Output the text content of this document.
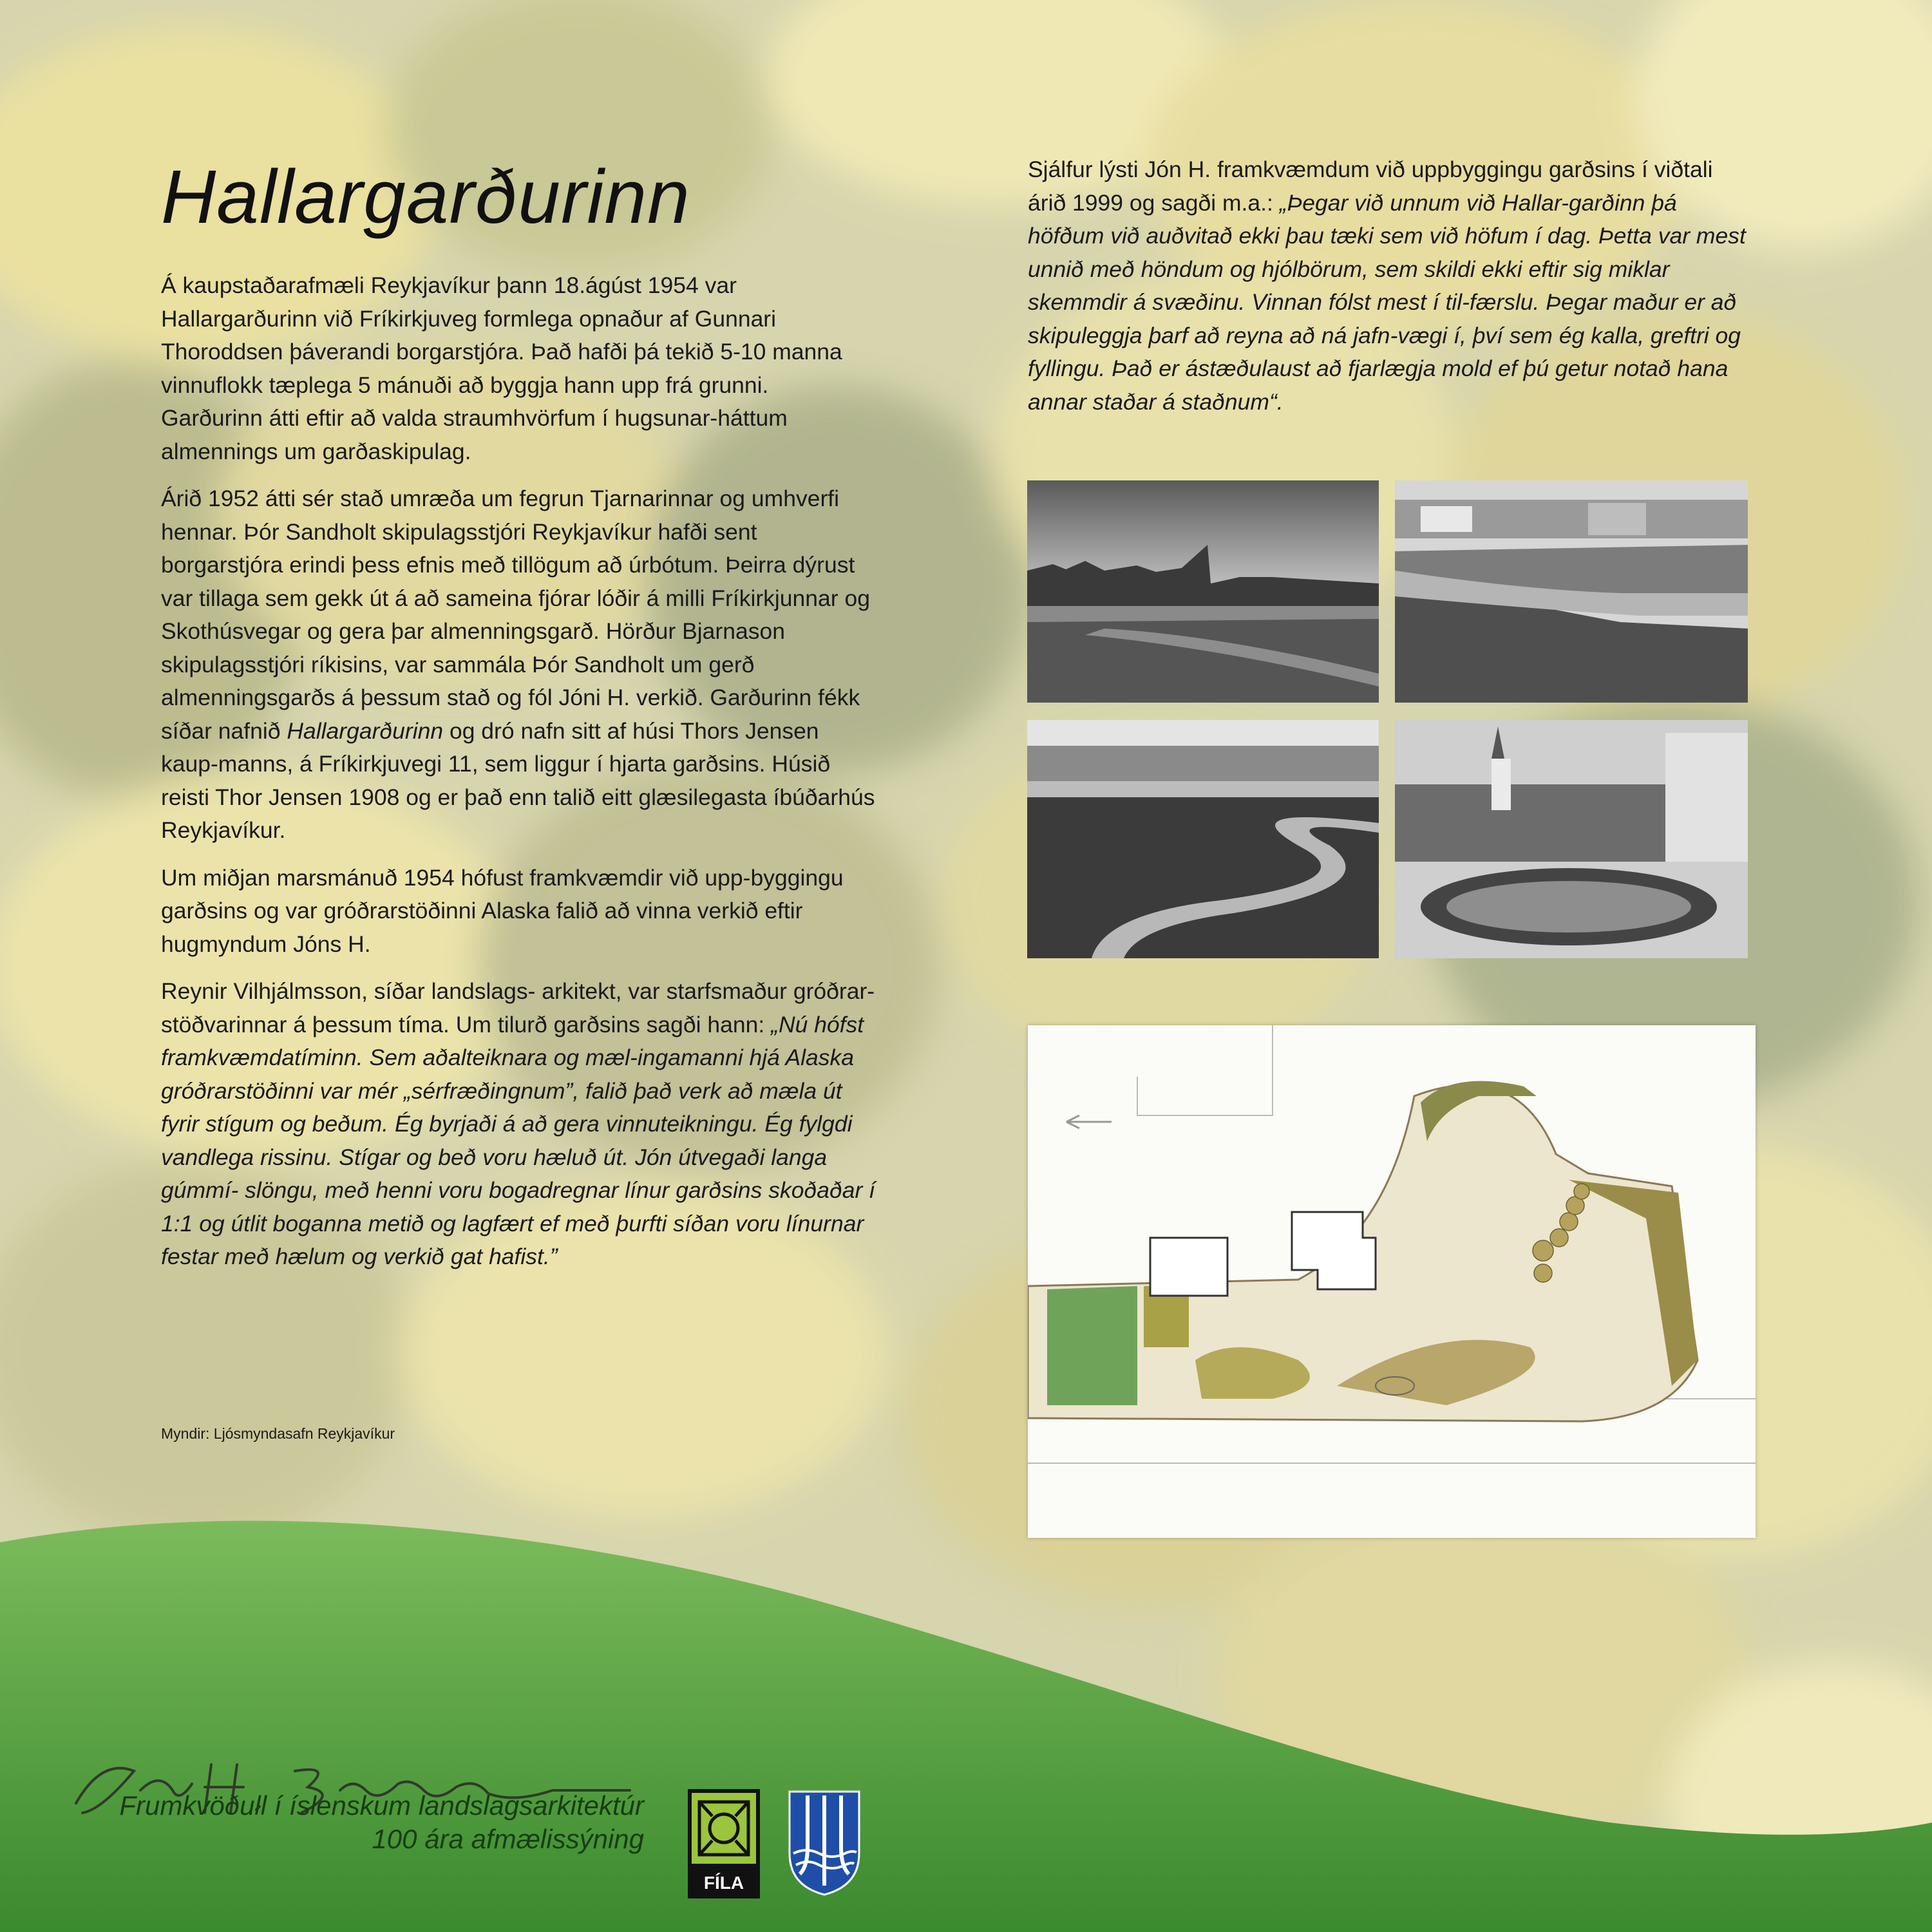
Hallargarðurinn

Á kaupstaðarafmæli Reykjavíkur þann 18.ágúst 1954 var Hallargarðurinn við Fríkirkjuveg formlega opnaður af Gunnari Thoroddsen þáverandi borgarstjóra. Það hafði þá tekið 5-10 manna vinnuflokk tæplega 5 mánuði að byggja hann upp frá grunni. Garðurinn átti eftir að valda straumhvörfum í hugsunar-háttum almennings um garðaskipulag.

Árið 1952 átti sér stað umræða um fegrun Tjarnarinnar og umhverfi hennar. Þór Sandholt skipulagsstjóri Reykjavíkur hafði sent borgarstjóra erindi þess efnis með tillögum að úrbótum. Þeirra dýrust var tillaga sem gekk út á að sameina fjórar lóðir á milli Fríkirkjunnar og Skothúsvegar og gera þar almenningsgarð. Hörður Bjarnason skipulagsstjóri ríkisins, var sammála Þór Sandholt um gerð almenningsgarðs á þessum stað og fól Jóni H. verkið. Garðurinn fékk síðar nafnið Hallargarðurinn og dró nafn sitt af húsi Thors Jensen kaup-manns, á Fríkirkjuvegi 11, sem liggur í hjarta garðsins. Húsið reisti Thor Jensen 1908 og er það enn talið eitt glæsilegasta íbúðarhús Reykjavíkur.

Um miðjan marsmánuð 1954 hófust framkvæmdir við upp-byggingu garðsins og var gróðrarstöðinni Alaska falið að vinna verkið eftir hugmyndum Jóns H.

Reynir Vilhjálmsson, síðar landslags- arkitekt, var starfsmaður gróðrar- stöðvarinnar á þessum tíma. Um tilurð garðsins sagði hann: „Nú hófst framkvæmdatíminn. Sem aðalteiknara og mæl-ingamanni hjá Alaska gróðrarstöðinni var mér „sérfræðingnum”, falið það verk að mæla út fyrir stígum og beðum. Ég byrjaði á að gera vinnuteikningu. Ég fylgdi vandlega rissinu. Stígar og beð voru hæluð út. Jón útvegaði langa gúmmí- slöngu, með henni voru bogadregnar línur garðsins skoðaðar í 1:1 og útlit boganna metið og lagfært ef með þurfti síðan voru línurnar festar með hælum og verkið gat hafist.”

Myndir: Ljósmyndasafn Reykjavíkur

Sjálfur lýsti Jón H. framkvæmdum við uppbyggingu garðsins í viðtali árið 1999 og sagði m.a.: „Þegar við unnum við Hallar-garðinn þá höfðum við auðvitað ekki þau tæki sem við höfum í dag. Þetta var mest unnið með höndum og hjólbörum, sem skildi ekki eftir sig miklar skemmdir á svæðinu. Vinnan fólst mest í til-færslu. Þegar maður er að skipuleggja þarf að reyna að ná jafn-vægi í, því sem ég kalla, greftri og fyllingu. Það er ástæðulaust að fjarlægja mold ef þú getur notað hana annar staðar á staðnum“.

Frumkvöðull í íslenskum landslagsarkitektúr
100 ára afmælissýning
FÍLA
